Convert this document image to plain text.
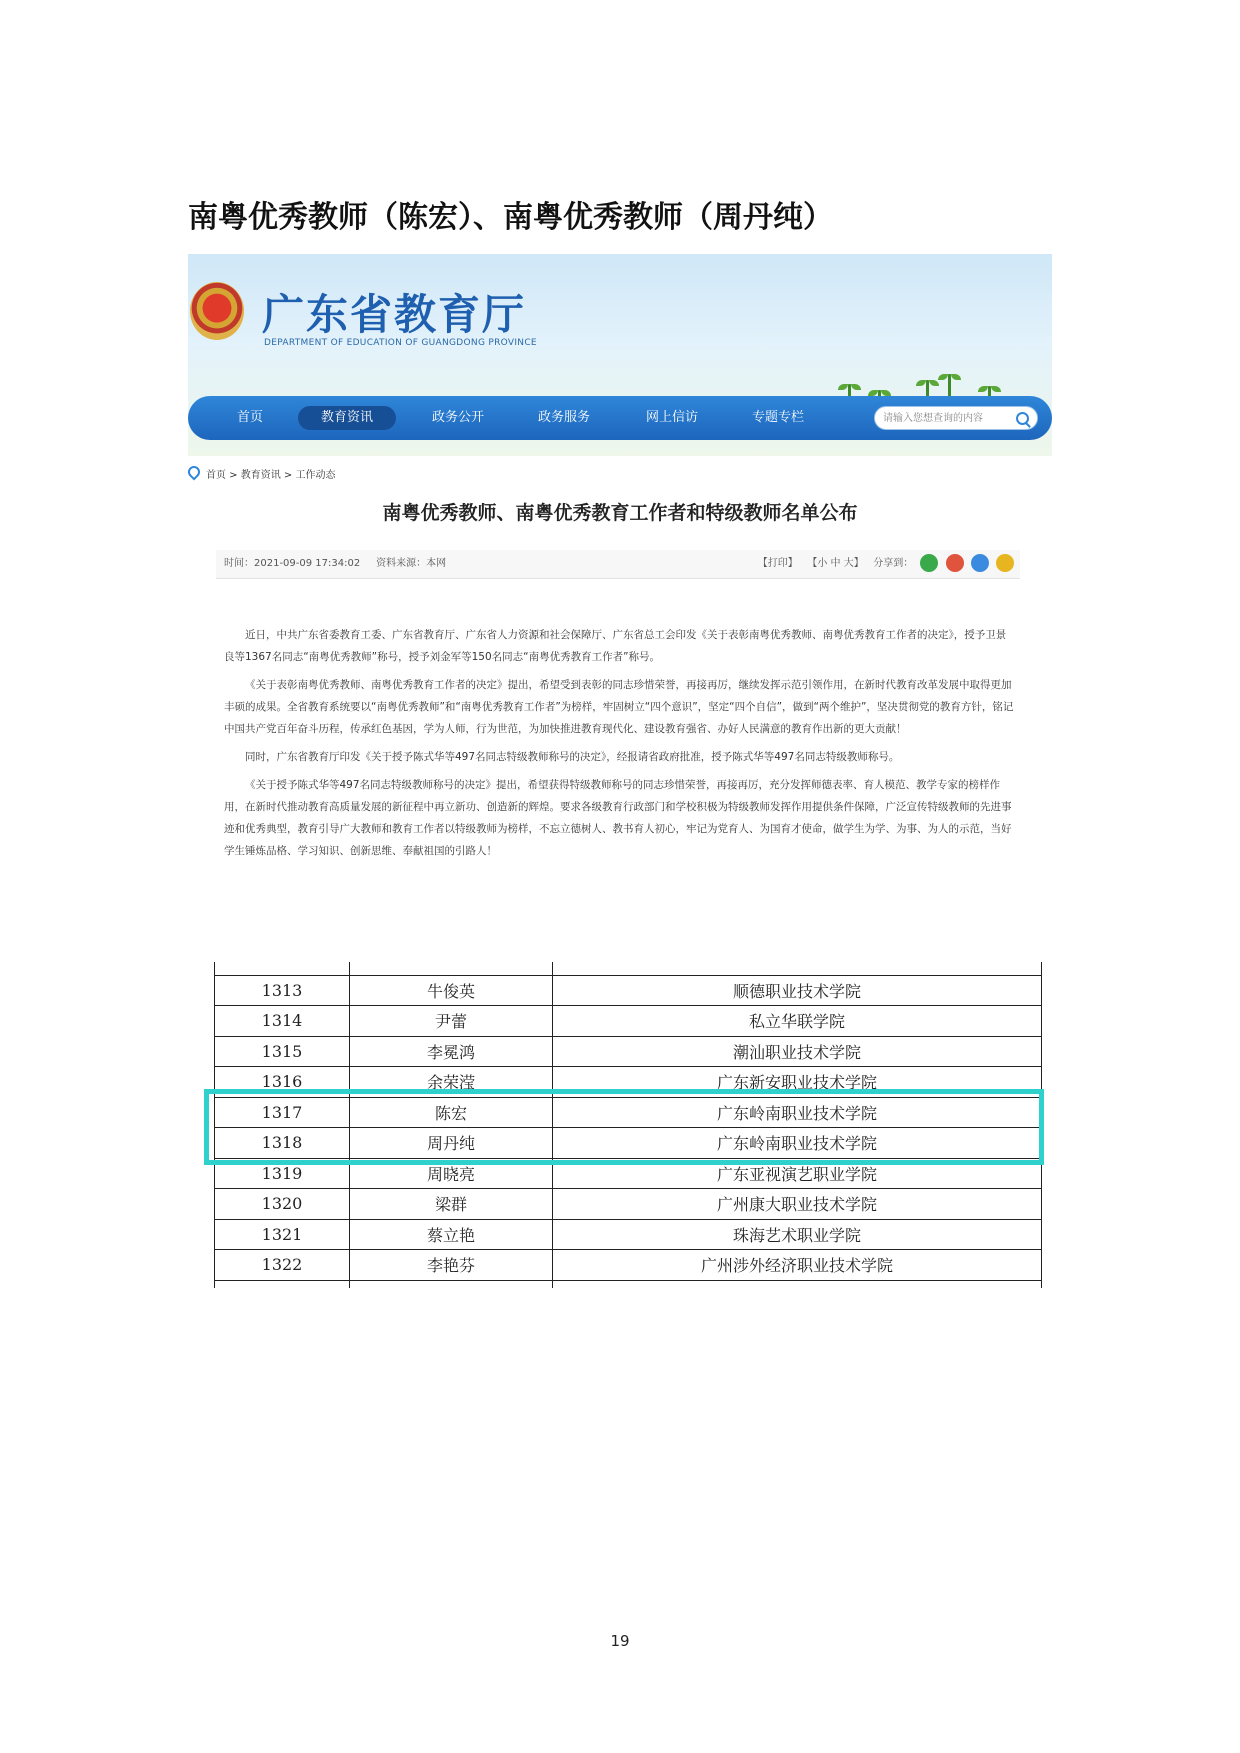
南粤优秀教师（陈宏）、南粤优秀教师（周丹纯）
广东省教育厅
DEPARTMENT OF EDUCATION OF GUANGDONG PROVINCE
首页	教育资讯	政务公开	政务服务	网上信访	专题专栏	请输入您想查询的内容
首页 > 教育资讯 > 工作动态
南粤优秀教师、南粤优秀教育工作者和特级教师名单公布
时间：2021-09-09 17:34:02 资料来源：本网	【打印】 【小 中 大】 分享到：

近日，中共广东省委教育工委、广东省教育厅、广东省人力资源和社会保障厅、广东省总工会印发《关于表彰南粤优秀教师、南粤优秀教育工作者的决定》，授予卫景良等1367名同志“南粤优秀教师”称号，授予刘金军等150名同志“南粤优秀教育工作者”称号。

《关于表彰南粤优秀教师、南粤优秀教育工作者的决定》提出，希望受到表彰的同志珍惜荣誉，再接再厉，继续发挥示范引领作用，在新时代教育改革发展中取得更加丰硕的成果。全省教育系统要以“南粤优秀教师”和“南粤优秀教育工作者”为榜样，牢固树立“四个意识”，坚定“四个自信”，做到“两个维护”，坚决贯彻党的教育方针，铭记中国共产党百年奋斗历程，传承红色基因，学为人师，行为世范，为加快推进教育现代化、建设教育强省、办好人民满意的教育作出新的更大贡献！

同时，广东省教育厅印发《关于授予陈式华等497名同志特级教师称号的决定》，经报请省政府批准，授予陈式华等497名同志特级教师称号。

《关于授予陈式华等497名同志特级教师称号的决定》提出，希望获得特级教师称号的同志珍惜荣誉，再接再厉，充分发挥师德表率、育人模范、教学专家的榜样作用，在新时代推动教育高质量发展的新征程中再立新功、创造新的辉煌。要求各级教育行政部门和学校积极为特级教师发挥作用提供条件保障，广泛宣传特级教师的先进事迹和优秀典型，教育引导广大教师和教育工作者以特级教师为榜样，不忘立德树人、教书育人初心，牢记为党育人、为国育才使命，做学生为学、为事、为人的示范，当好学生锤炼品格、学习知识、创新思维、奉献祖国的引路人！

1313	牛俊英	顺德职业技术学院
1314	尹蕾	私立华联学院
1315	李冕鸿	潮汕职业技术学院
1316	余荣滢	广东新安职业技术学院
1317	陈宏	广东岭南职业技术学院
1318	周丹纯	广东岭南职业技术学院
1319	周晓亮	广东亚视演艺职业学院
1320	梁群	广州康大职业技术学院
1321	蔡立艳	珠海艺术职业学院
1322	李艳芬	广州涉外经济职业技术学院

19
